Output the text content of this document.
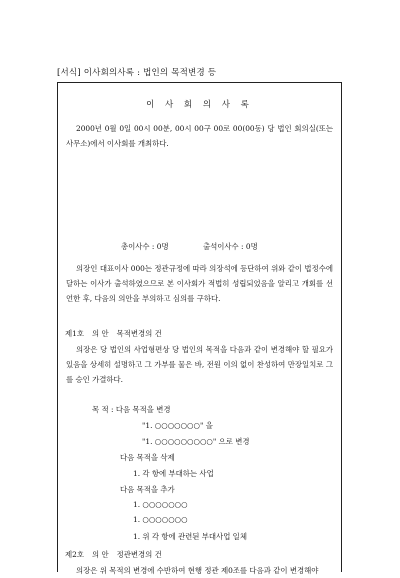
[서식] 이사회의사록 : 법인의 목적변경 등
이 사 회 의 사 록
2000년 0월 0일 00시 00분, 00시 00구 00로 00(00동) 당 법인 회의실(또는 사무소)에서 이사회를 개최하다.
총이사수 : 0명	출석이사수 : 0명
의장인 대표이사 000는 정관규정에 따라 의장석에 등단하여 위와 같이 법정수에 달하는 이사가 출석하였으므로 본 이사회가 적법히 성립되었음을 알리고 개회를 선언한 후, 다음의 의안을 부의하고 심의를 구하다.
제1호 의 안 목적변경의 건
의장은 당 법인의 사업형편상 당 법인의 목적을 다음과 같이 변경해야 할 필요가 있음을 상세히 설명하고 그 가부를 물은 바, 전원 이의 없이 찬성하여 만장일치로 그를 승인 가결하다.
목 적 : 다음 목적을 변경
"1. ○○○○○○○" 을
"1. ○○○○○○○○○" 으로 변경
다음 목적을 삭제
1. 각 항에 부대하는 사업
다음 목적을 추가
1. ○○○○○○○
1. ○○○○○○○
1. 위 각 항에 관련된 부대사업 일체
제2호 의 안 정관변경의 건
의장은 위 목적의 변경에 수반하여 현행 정관 제0조를 다음과 같이 변경해야
